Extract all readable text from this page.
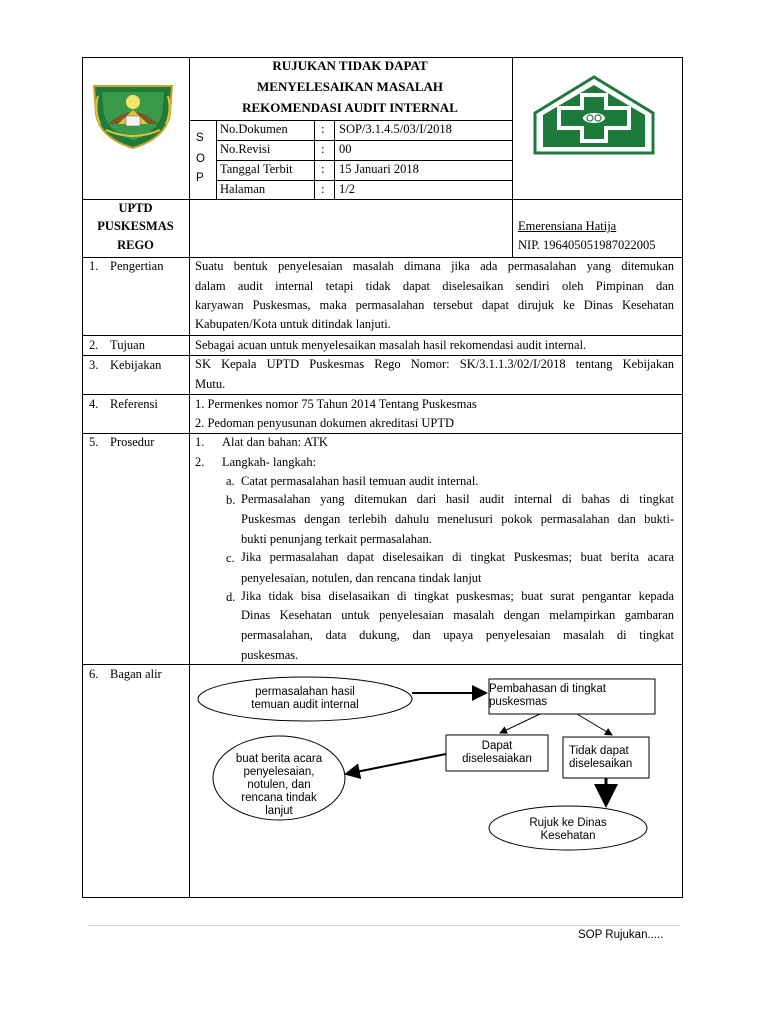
RUJUKAN TIDAK DAPAT
MENYELESAIKAN MASALAH
REKOMENDASI AUDIT INTERNAL
S
O
P
No.Dokumen	: SOP/3.1.4.5/03/I/2018
No.Revisi	: 00
Tanggal Terbit : 15 Januari 2018
Halaman	: 1/2
UPTD
PUSKESMAS
REGO
Emerensiana Hatija
NIP. 196405051987022005
1. Pengertian	Suatu bentuk penyelesaian masalah dimana jika ada permasalahan yang ditemukan
dalam audit internal tetapi tidak dapat diselesaikan sendiri oleh Pimpinan dan
karyawan Puskesmas, maka permasalahan tersebut dapat dirujuk ke Dinas Kesehatan
Kabupaten/Kota untuk ditindak lanjuti.
2. Tujuan	Sebagai acuan untuk menyelesaikan masalah hasil rekomendasi audit internal.
3. Kebijakan	SK Kepala UPTD Puskesmas Rego Nomor: SK/3.1.1.3/02/I/2018 tentang Kebijakan
Mutu.
4. Referensi	1. Permenkes nomor 75 Tahun 2014 Tentang Puskesmas
2. Pedoman penyusunan dokumen akreditasi UPTD
5. Prosedur	1. Alat dan bahan: ATK
2. Langkah- langkah:
a. Catat permasalahan hasil temuan audit internal.
b. Permasalahan yang ditemukan dari hasil audit internal di bahas di tingkat
Puskesmas dengan terlebih dahulu menelusuri pokok permasalahan dan bukti-
bukti penunjang terkait permasalahan.
c. Jika permasalahan dapat diselesaikan di tingkat Puskesmas; buat berita acara
penyelesaian, notulen, dan rencana tindak lanjut
d. Jika tidak bisa diselasaikan di tingkat puskesmas; buat surat pengantar kepada
Dinas Kesehatan untuk penyelesaian masalah dengan melampirkan gambaran
permasalahan, data dukung, dan upaya penyelesaian masalah di tingkat
puskesmas.
6. Bagan alir
permasalahan hasil
temuan audit internal
Pembahasan di tingkat
puskesmas
Dapat
diselesaiakan
Tidak dapat
diselesaikan
buat berita acara
penyelesaian,
notulen, dan
rencana tindak
lanjut
Rujuk ke Dinas
Kesehatan
SOP Rujukan.....
